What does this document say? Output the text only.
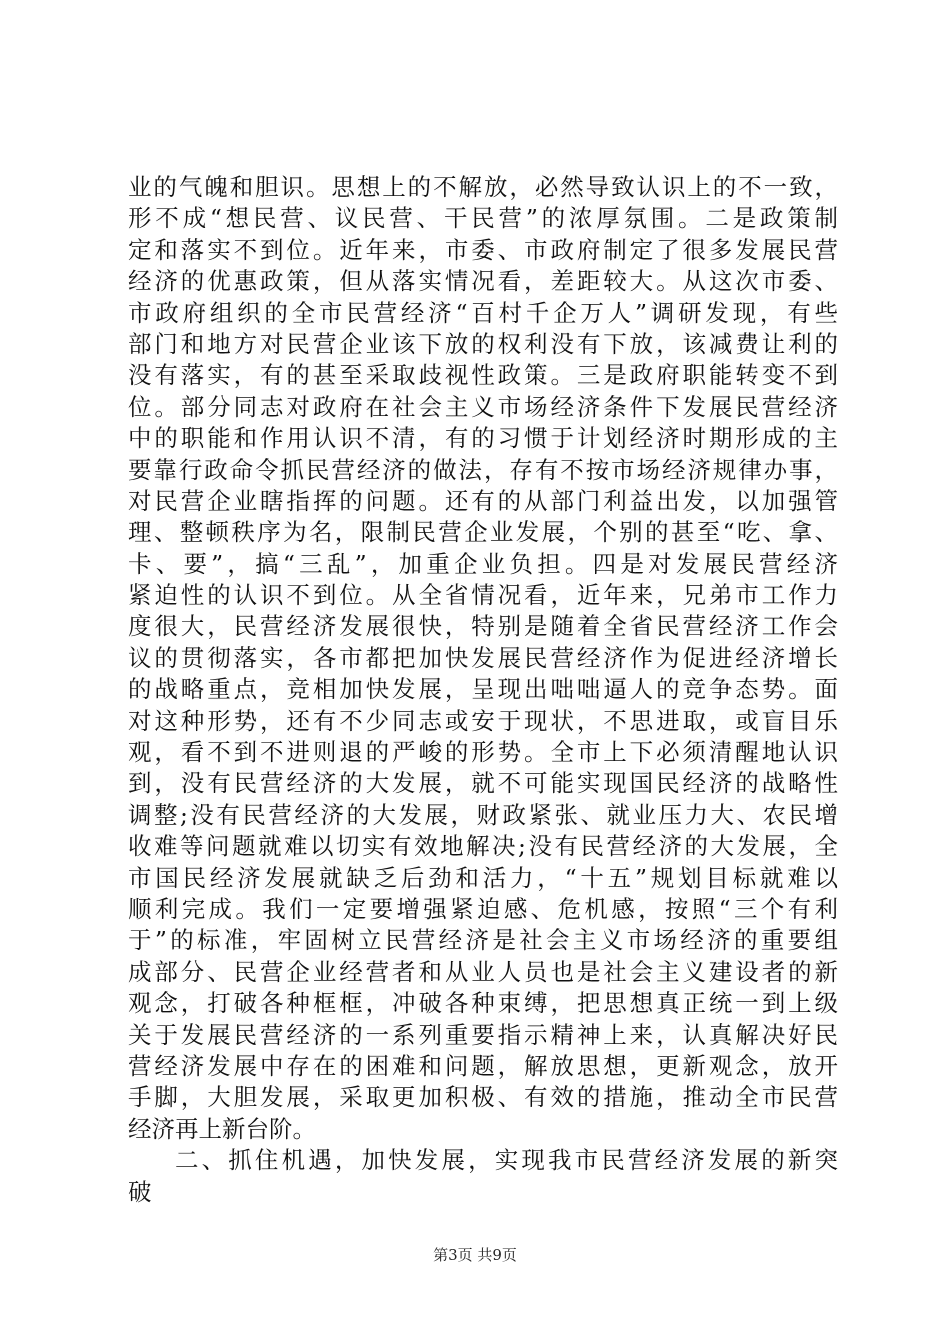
业的气魄和胆识。思想上的不解放，必然导致认识上的不一致，
形不成“想民营、议民营、干民营”的浓厚氛围。二是政策制
定和落实不到位。近年来，市委、市政府制定了很多发展民营
经济的优惠政策，但从落实情况看，差距较大。从这次市委、
市政府组织的全市民营经济“百村千企万人”调研发现，有些
部门和地方对民营企业该下放的权利没有下放，该减费让利的
没有落实，有的甚至采取歧视性政策。三是政府职能转变不到
位。部分同志对政府在社会主义市场经济条件下发展民营经济
中的职能和作用认识不清，有的习惯于计划经济时期形成的主
要靠行政命令抓民营经济的做法，存有不按市场经济规律办事，
对民营企业瞎指挥的问题。还有的从部门利益出发，以加强管
理、整顿秩序为名，限制民营企业发展，个别的甚至“吃、拿、
卡、要”，搞“三乱”，加重企业负担。四是对发展民营经济
紧迫性的认识不到位。从全省情况看，近年来，兄弟市工作力
度很大，民营经济发展很快，特别是随着全省民营经济工作会
议的贯彻落实，各市都把加快发展民营经济作为促进经济增长
的战略重点，竞相加快发展，呈现出咄咄逼人的竞争态势。面
对这种形势，还有不少同志或安于现状，不思进取，或盲目乐
观，看不到不进则退的严峻的形势。全市上下必须清醒地认识
到，没有民营经济的大发展，就不可能实现国民经济的战略性
调整;没有民营经济的大发展，财政紧张、就业压力大、农民增
收难等问题就难以切实有效地解决;没有民营经济的大发展，全
市国民经济发展就缺乏后劲和活力，“十五”规划目标就难以
顺利完成。我们一定要增强紧迫感、危机感，按照“三个有利
于”的标准，牢固树立民营经济是社会主义市场经济的重要组
成部分、民营企业经营者和从业人员也是社会主义建设者的新
观念，打破各种框框，冲破各种束缚，把思想真正统一到上级
关于发展民营经济的一系列重要指示精神上来，认真解决好民
营经济发展中存在的困难和问题，解放思想，更新观念，放开
手脚，大胆发展，采取更加积极、有效的措施，推动全市民营
经济再上新台阶。
二、抓住机遇，加快发展，实现我市民营经济发展的新突
破
第3页 共9页
